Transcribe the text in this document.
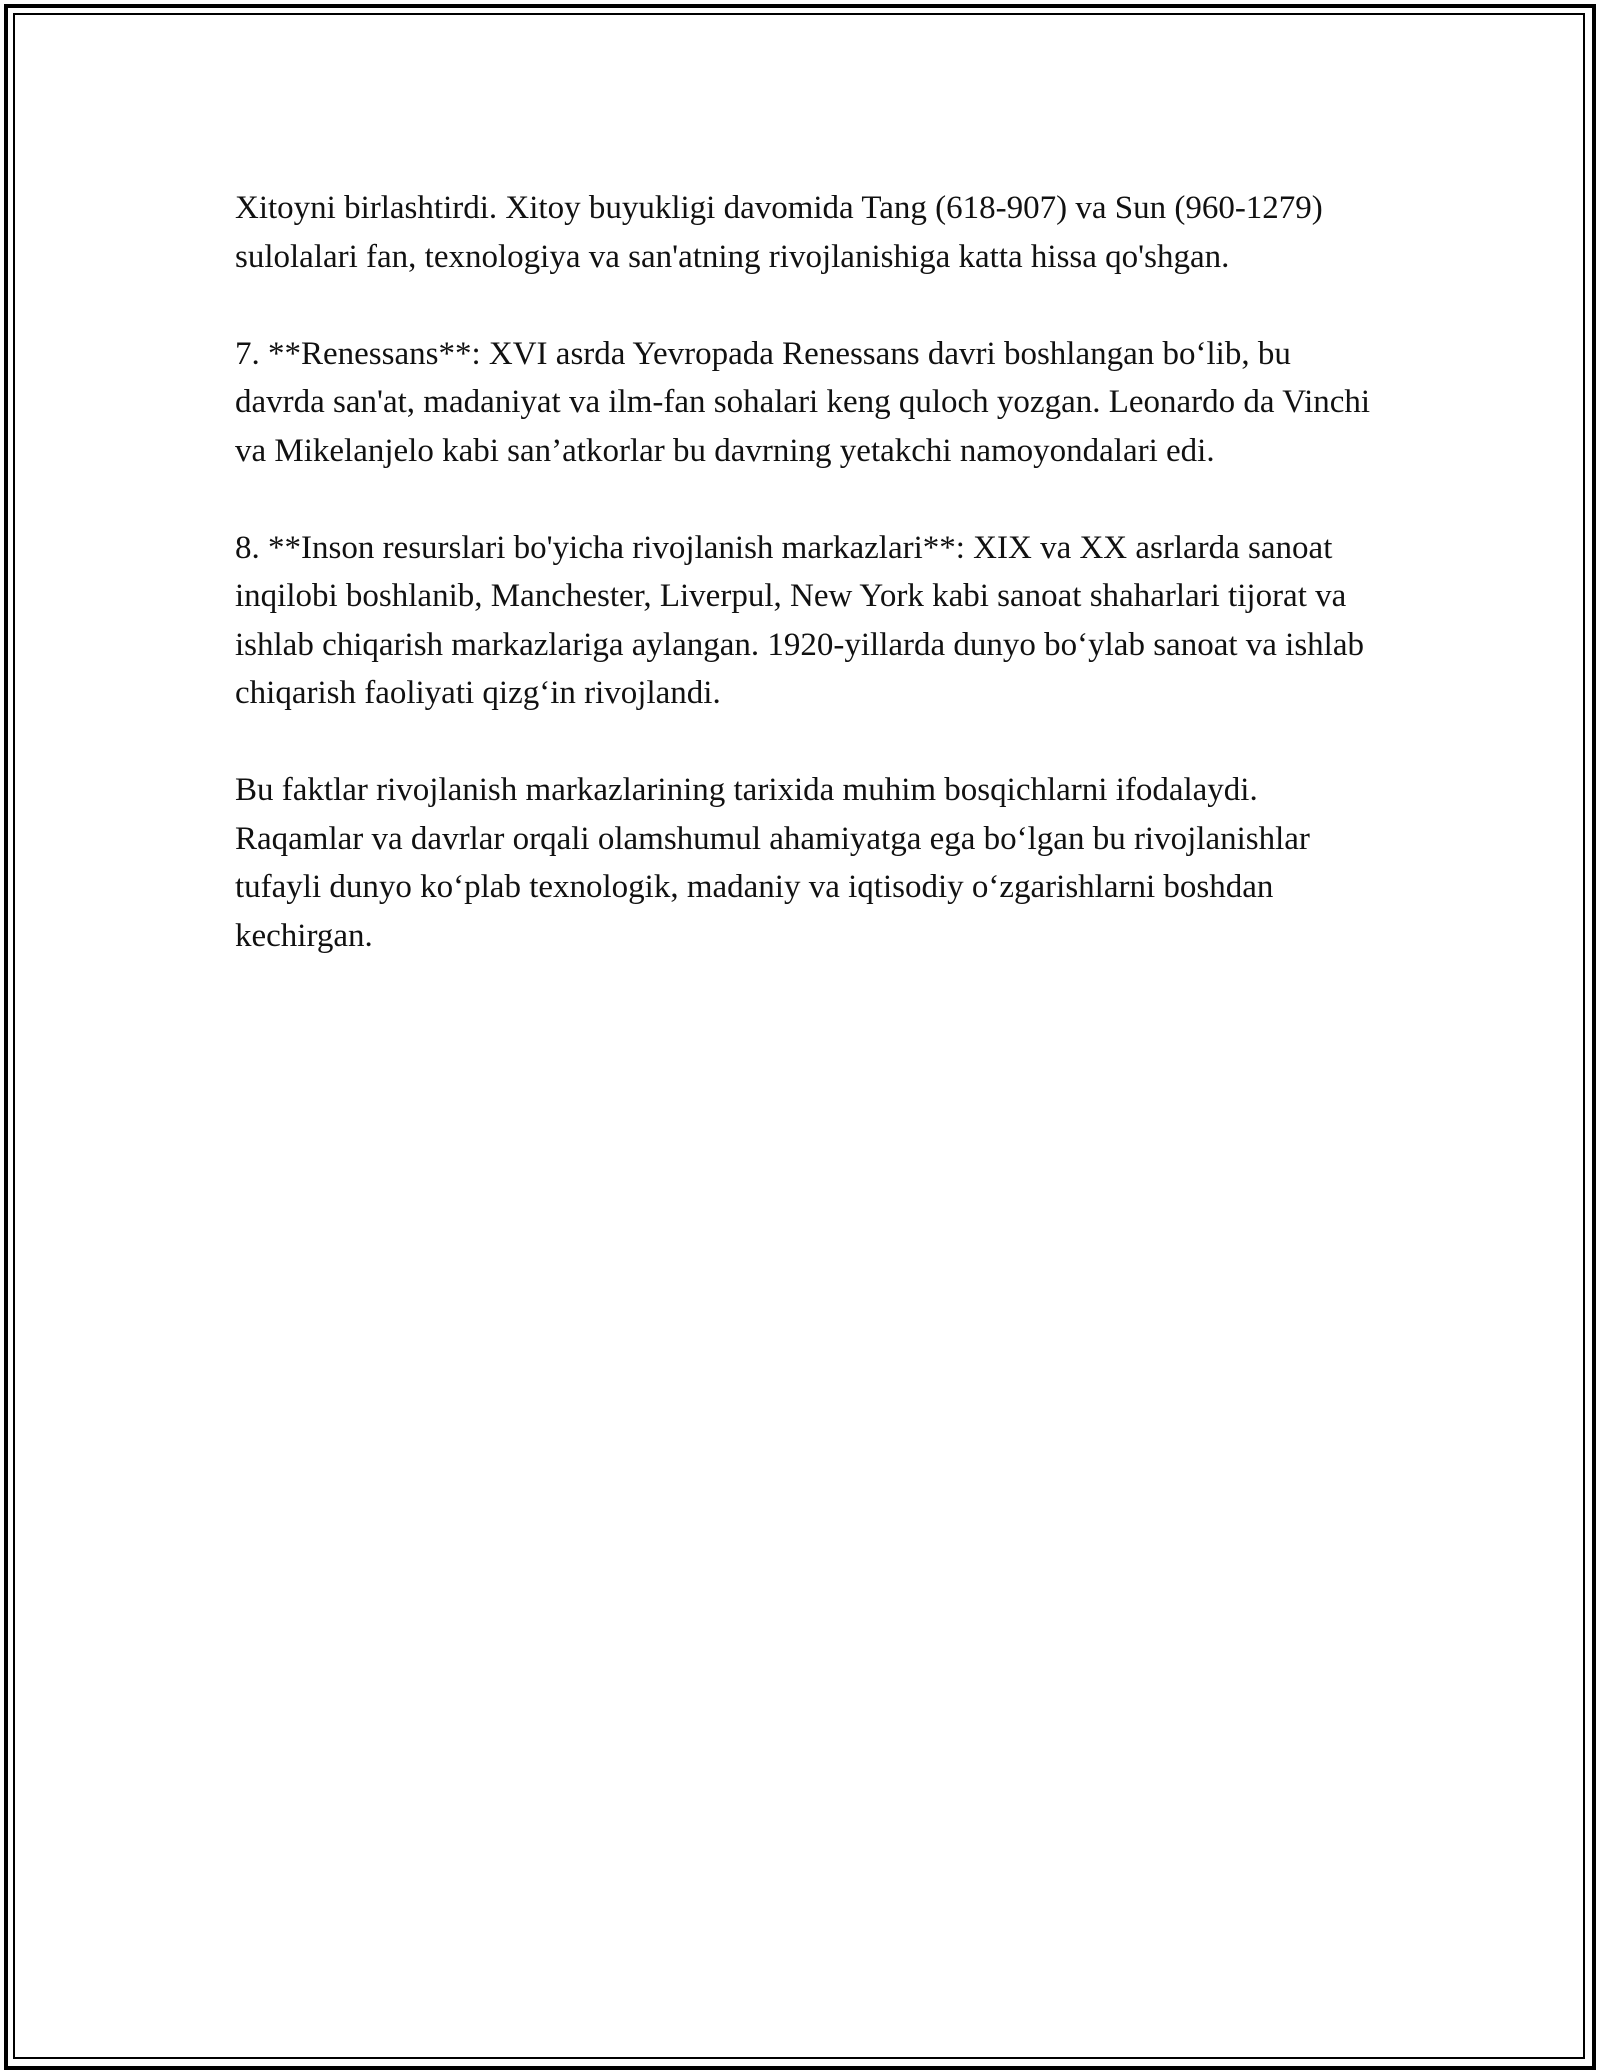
Xitoyni birlashtirdi. Xitoy buyukligi davomida Tang (618-907) va Sun (960-1279) sulolalari fan, texnologiya va san'atning rivojlanishiga katta hissa qo'shgan.

7. **Renessans**: XVI asrda Yevropada Renessans davri boshlangan bo‘lib, bu davrda san'at, madaniyat va ilm-fan sohalari keng quloch yozgan. Leonardo da Vinchi va Mikelanjelo kabi san’atkorlar bu davrning yetakchi namoyondalari edi.

8. **Inson resurslari bo'yicha rivojlanish markazlari**: XIX va XX asrlarda sanoat inqilobi boshlanib, Manchester, Liverpul, New York kabi sanoat shaharlari tijorat va ishlab chiqarish markazlariga aylangan. 1920-yillarda dunyo bo‘ylab sanoat va ishlab chiqarish faoliyati qizg‘in rivojlandi.

Bu faktlar rivojlanish markazlarining tarixida muhim bosqichlarni ifodalaydi. Raqamlar va davrlar orqali olamshumul ahamiyatga ega bo‘lgan bu rivojlanishlar tufayli dunyo ko‘plab texnologik, madaniy va iqtisodiy o‘zgarishlarni boshdan kechirgan.
